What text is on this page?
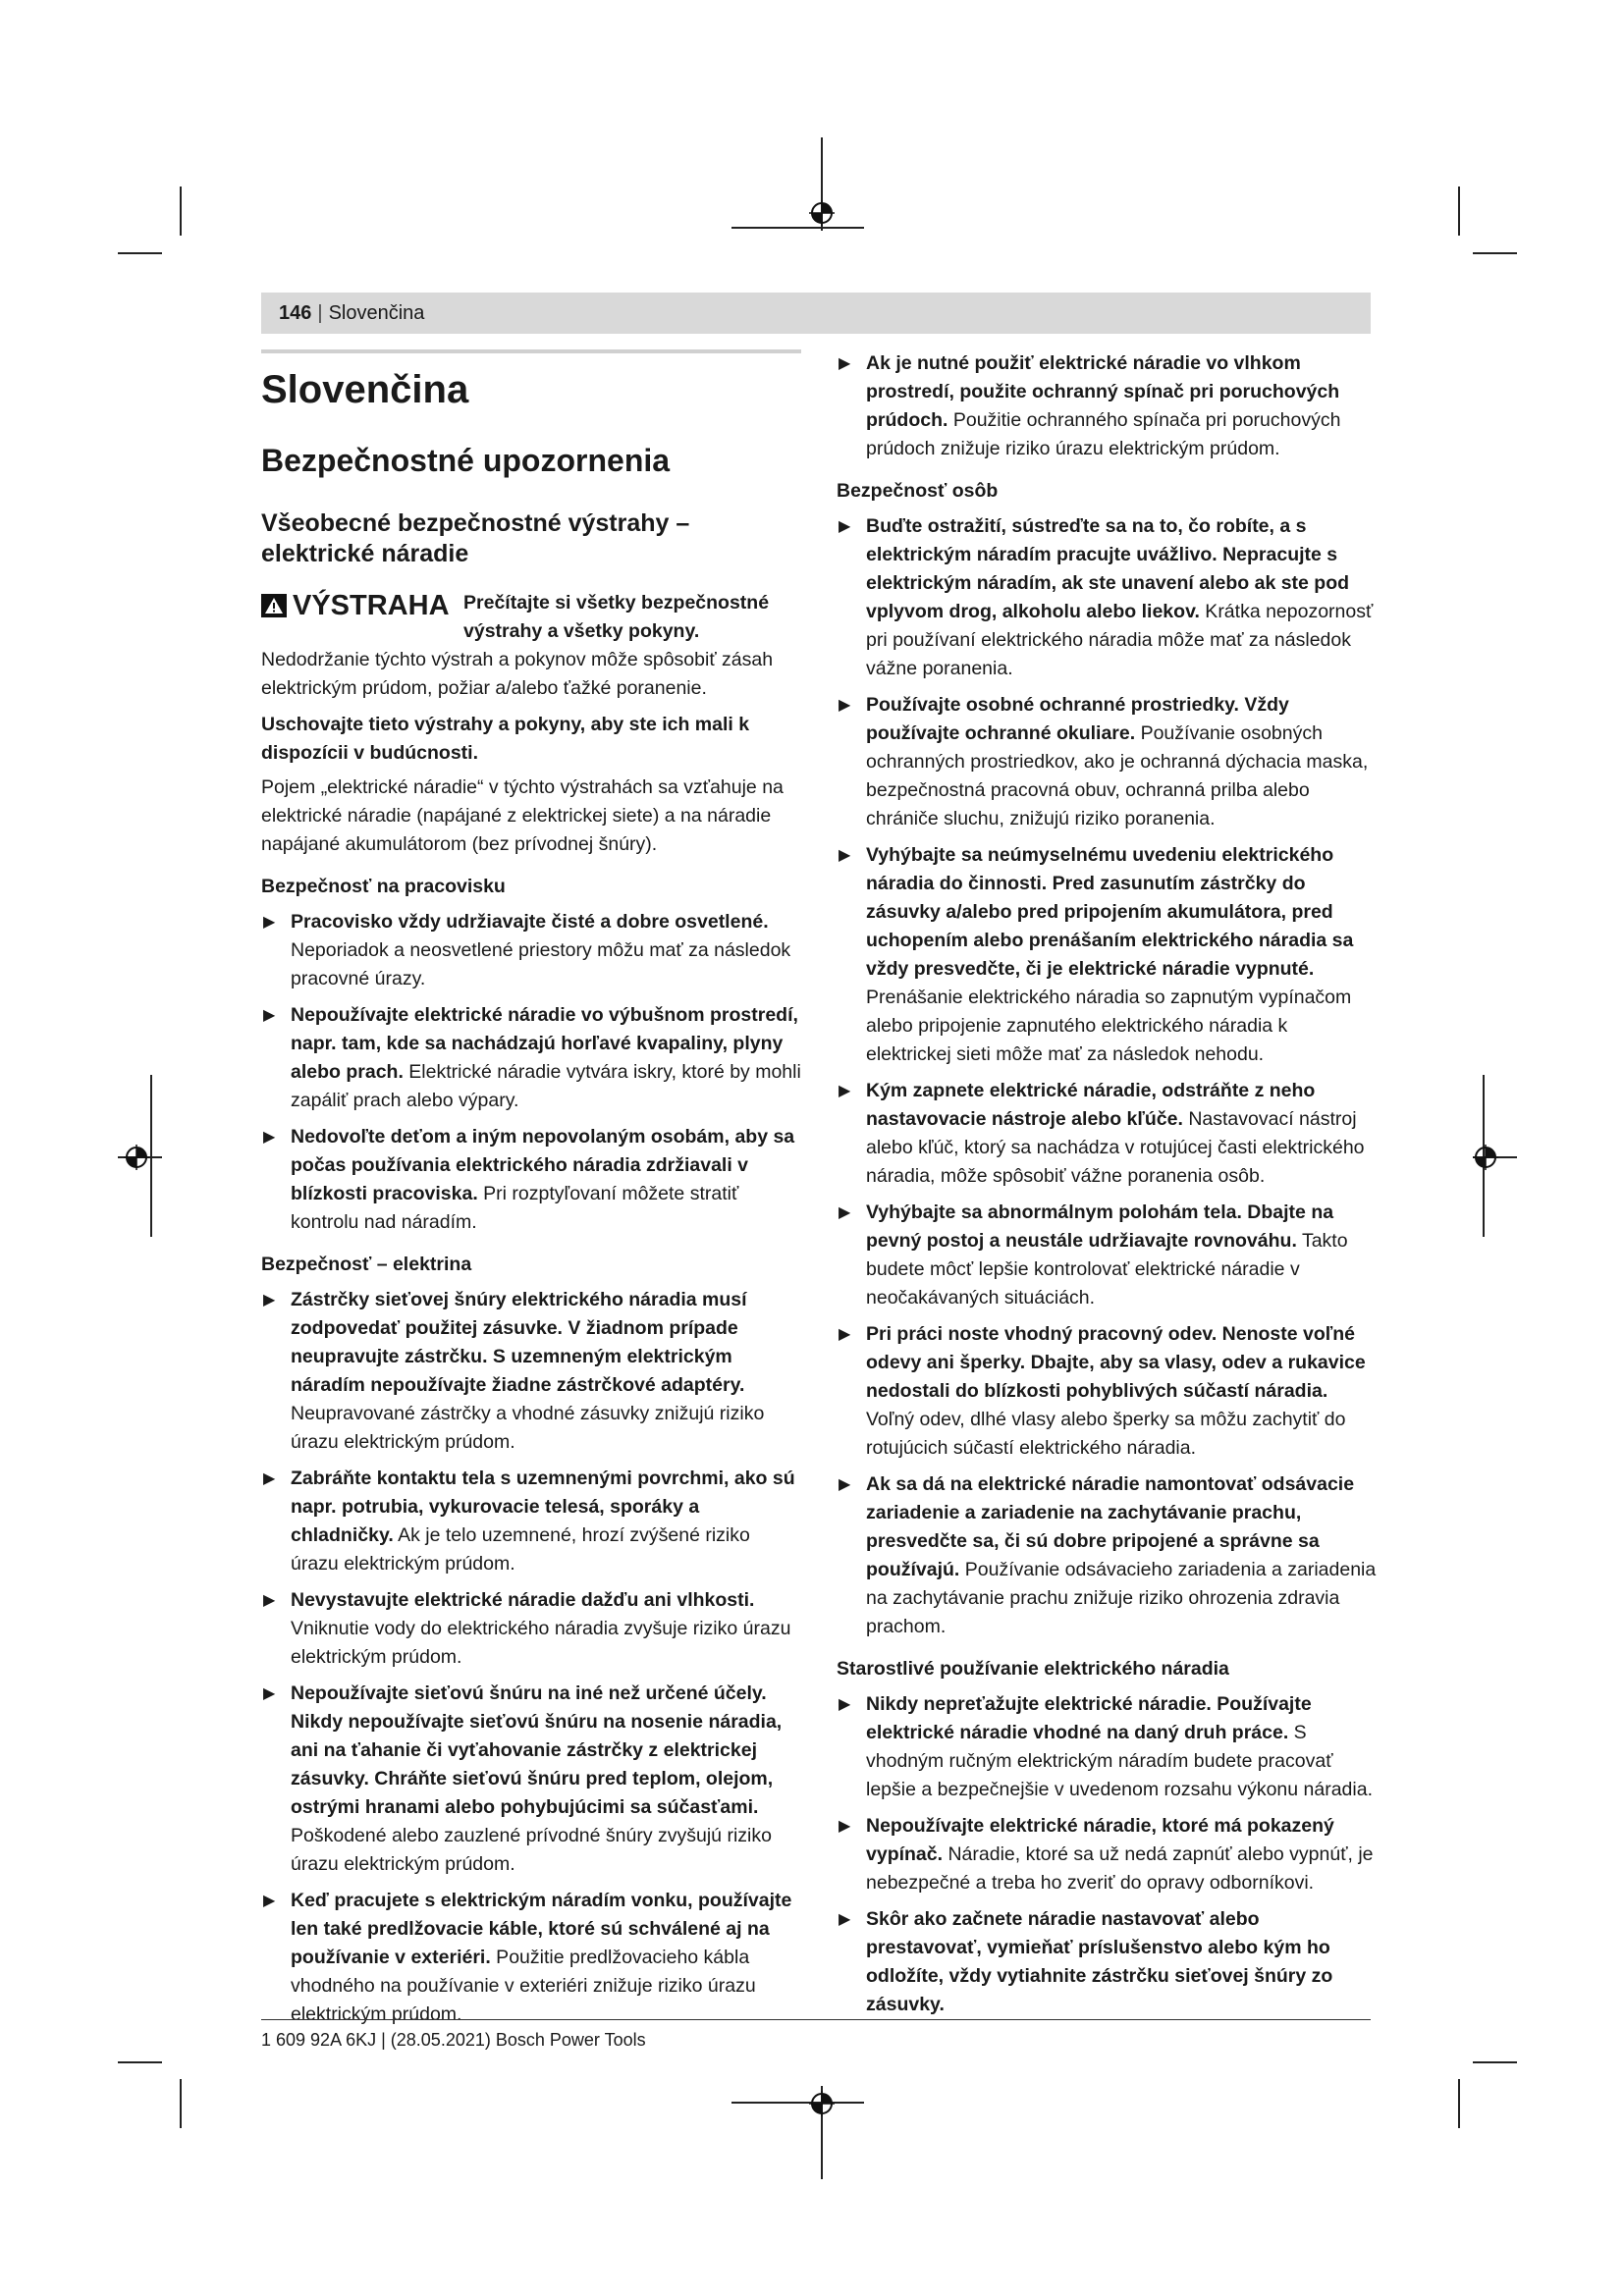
146 | Slovenčina
Slovenčina
Bezpečnostné upozornenia
Všeobecné bezpečnostné výstrahy – elektrické náradie
VÝSTRAHA Prečítajte si všetky bezpečnostné výstrahy a všetky pokyny. Nedodržanie týchto výstrah a pokynov môže spôsobiť zásah elektrickým prúdom, požiar a/alebo ťažké poranenie.

Uschovajte tieto výstrahy a pokyny, aby ste ich mali k dispozícii v budúcnosti.

Pojem „elektrické náradie“ v týchto výstrahách sa vzťahuje na elektrické náradie (napájané z elektrickej siete) a na náradie napájané akumulátorom (bez prívodnej šnúry).

Bezpečnosť na pracovisku
▶ Pracovisko vždy udržiavajte čisté a dobre osvetlené. Neporiadok a neosvetlené priestory môžu mať za následok pracovné úrazy.
▶ Nepoužívajte elektrické náradie vo výbušnom prostredí, napr. tam, kde sa nachádzajú horľavé kvapaliny, plyny alebo prach. Elektrické náradie vytvára iskry, ktoré by mohli zapáliť prach alebo výpary.
▶ Nedovoľte deťom a iným nepovolaným osobám, aby sa počas používania elektrického náradia zdržiavali v blízkosti pracoviska. Pri rozptyľovaní môžete stratiť kontrolu nad náradím.
Bezpečnosť – elektrina
▶ Zástrčky sieťovej šnúry elektrického náradia musí zodpovedať použitej zásuvke. V žiadnom prípade neupravujte zástrčku. S uzemneným elektrickým náradím nepoužívajte žiadne zástrčkové adaptéry. Neupravované zástrčky a vhodné zásuvky znižujú riziko úrazu elektrickým prúdom.
▶ Zabráňte kontaktu tela s uzemnenými povrchmi, ako sú napr. potrubia, vykurovacie telesá, sporáky a chladničky. Ak je telo uzemnené, hrozí zvýšené riziko úrazu elektrickým prúdom.
▶ Nevystavujte elektrické náradie dažďu ani vlhkosti. Vniknutie vody do elektrického náradia zvyšuje riziko úrazu elektrickým prúdom.
▶ Nepoužívajte sieťovú šnúru na iné než určené účely. Nikdy nepoužívajte sieťovú šnúru na nosenie náradia, ani na ťahanie či vyťahovanie zástrčky z elektrickej zásuvky. Chráňte sieťovú šnúru pred teplom, olejom, ostrými hranami alebo pohybujúcimi sa súčasťami. Poškodené alebo zauzlené prívodné šnúry zvyšujú riziko úrazu elektrickým prúdom.
▶ Keď pracujete s elektrickým náradím vonku, používajte len také predlžovacie káble, ktoré sú schválené aj na používanie v exteriéri. Použitie predlžovacieho kábla vhodného na používanie v exteriéri znižuje riziko úrazu elektrickým prúdom.
▶ Ak je nutné použiť elektrické náradie vo vlhkom prostredí, použite ochranný spínač pri poruchových prúdoch. Použitie ochranného spínača pri poruchových prúdoch znižuje riziko úrazu elektrickým prúdom.
Bezpečnosť osôb
▶ Buďte ostražití, sústreďte sa na to, čo robíte, a s elektrickým náradím pracujte uvážlivo. Nepracujte s elektrickým náradím, ak ste unavení alebo ak ste pod vplyvom drog, alkoholu alebo liekov. Krátka nepozornosť pri používaní elektrického náradia môže mať za následok vážne poranenia.
▶ Používajte osobné ochranné prostriedky. Vždy používajte ochranné okuliare. Používanie osobných ochranných prostriedkov, ako je ochranná dýchacia maska, bezpečnostná pracovná obuv, ochranná prilba alebo chrániče sluchu, znižujú riziko poranenia.
▶ Vyhýbajte sa neúmyselnému uvedeniu elektrického náradia do činnosti. Pred zasunutím zástrčky do zásuvky a/alebo pred pripojením akumulátora, pred uchopením alebo prenášaním elektrického náradia sa vždy presvedčte, či je elektrické náradie vypnuté. Prenášanie elektrického náradia so zapnutým vypínačom alebo pripojenie zapnutého elektrického náradia k elektrickej sieti môže mať za následok nehodu.
▶ Kým zapnete elektrické náradie, odstráňte z neho nastavovacie nástroje alebo kľúče. Nastavovací nástroj alebo kľúč, ktorý sa nachádza v rotujúcej časti elektrického náradia, môže spôsobiť vážne poranenia osôb.
▶ Vyhýbajte sa abnormálnym polohám tela. Dbajte na pevný postoj a neustále udržiavajte rovnováhu. Takto budete môcť lepšie kontrolovať elektrické náradie v neočakávaných situáciách.
▶ Pri práci noste vhodný pracovný odev. Nenoste voľné odevy ani šperky. Dbajte, aby sa vlasy, odev a rukavice nedostali do blízkosti pohyblivých súčastí náradia. Voľný odev, dlhé vlasy alebo šperky sa môžu zachytiť do rotujúcich súčastí elektrického náradia.
▶ Ak sa dá na elektrické náradie namontovať odsávacie zariadenie a zariadenie na zachytávanie prachu, presvedčte sa, či sú dobre pripojené a správne sa používajú. Používanie odsávacieho zariadenia a zariadenia na zachytávanie prachu znižuje riziko ohrozenia zdravia prachom.
Starostlivé používanie elektrického náradia
▶ Nikdy nepreťažujte elektrické náradie. Používajte elektrické náradie vhodné na daný druh práce. S vhodným ručným elektrickým náradím budete pracovať lepšie a bezpečnejšie v uvedenom rozsahu výkonu náradia.
▶ Nepoužívajte elektrické náradie, ktoré má pokazený vypínač. Náradie, ktoré sa už nedá zapnúť alebo vypnúť, je nebezpečné a treba ho zveriť do opravy odborníkovi.
▶ Skôr ako začnete náradie nastavovať alebo prestavovať, vymieňať príslušenstvo alebo kým ho odložíte, vždy vytiahnite zástrčku sieťovej šnúry zo zásuvky.
1 609 92A 6KJ | (28.05.2021) Bosch Power Tools
